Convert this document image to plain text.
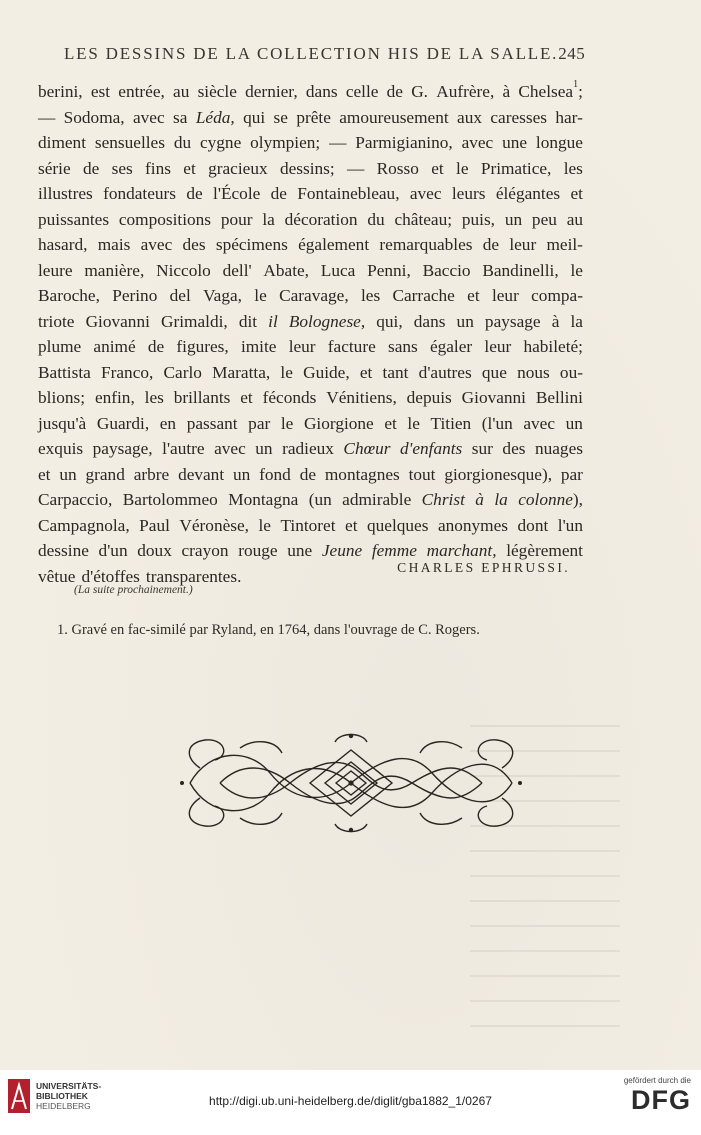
LES DESSINS DE LA COLLECTION HIS DE LA SALLE. 245
berini, est entrée, au siècle dernier, dans celle de G. Aufrère, à Chelsea$^1$;
— Sodoma, avec sa Léda, qui se prête amoureusement aux caresses har-
diment sensuelles du cygne olympien; — Parmigianino, avec une longue
série de ses fins et gracieux dessins; — Rosso et le Primatice, les
illustres fondateurs de l'École de Fontainebleau, avec leurs élégantes et
puissantes compositions pour la décoration du château; puis, un peu au
hasard, mais avec des spécimens également remarquables de leur meil-
leure manière, Niccolo dell' Abate, Luca Penni, Baccio Bandinelli, le
Baroche, Perino del Vaga, le Caravage, les Carrache et leur compa-
triote Giovanni Grimaldi, dit il Bolognese, qui, dans un paysage à la
plume animé de figures, imite leur facture sans égaler leur habileté;
Battista Franco, Carlo Maratta, le Guide, et tant d'autres que nous ou-
blions; enfin, les brillants et féconds Vénitiens, depuis Giovanni Bellini
jusqu'à Guardi, en passant par le Giorgione et le Titien (l'un avec un
exquis paysage, l'autre avec un radieux Chœur d'enfants sur des nuages
et un grand arbre devant un fond de montagnes tout giorgionesque), par
Carpaccio, Bartolommeo Montagna (un admirable Christ à la colonne),
Campagnola, Paul Véronèse, le Tintoret et quelques anonymes dont l'un
dessine d'un doux crayon rouge une Jeune femme marchant, légèrement
vêtue d'étoffes transparentes.	CHARLES EPHRUSSI.
(La suite prochainement.)
1. Gravé en fac-similé par Ryland, en 1764, dans l'ouvrage de C. Rogers.
UNIVERSITÄTS-
BIBLIOTHEK
HEIDELBERG	http://digi.ub.uni-heidelberg.de/diglit/gba1882_1/0267
gefördert durch die
DFG
